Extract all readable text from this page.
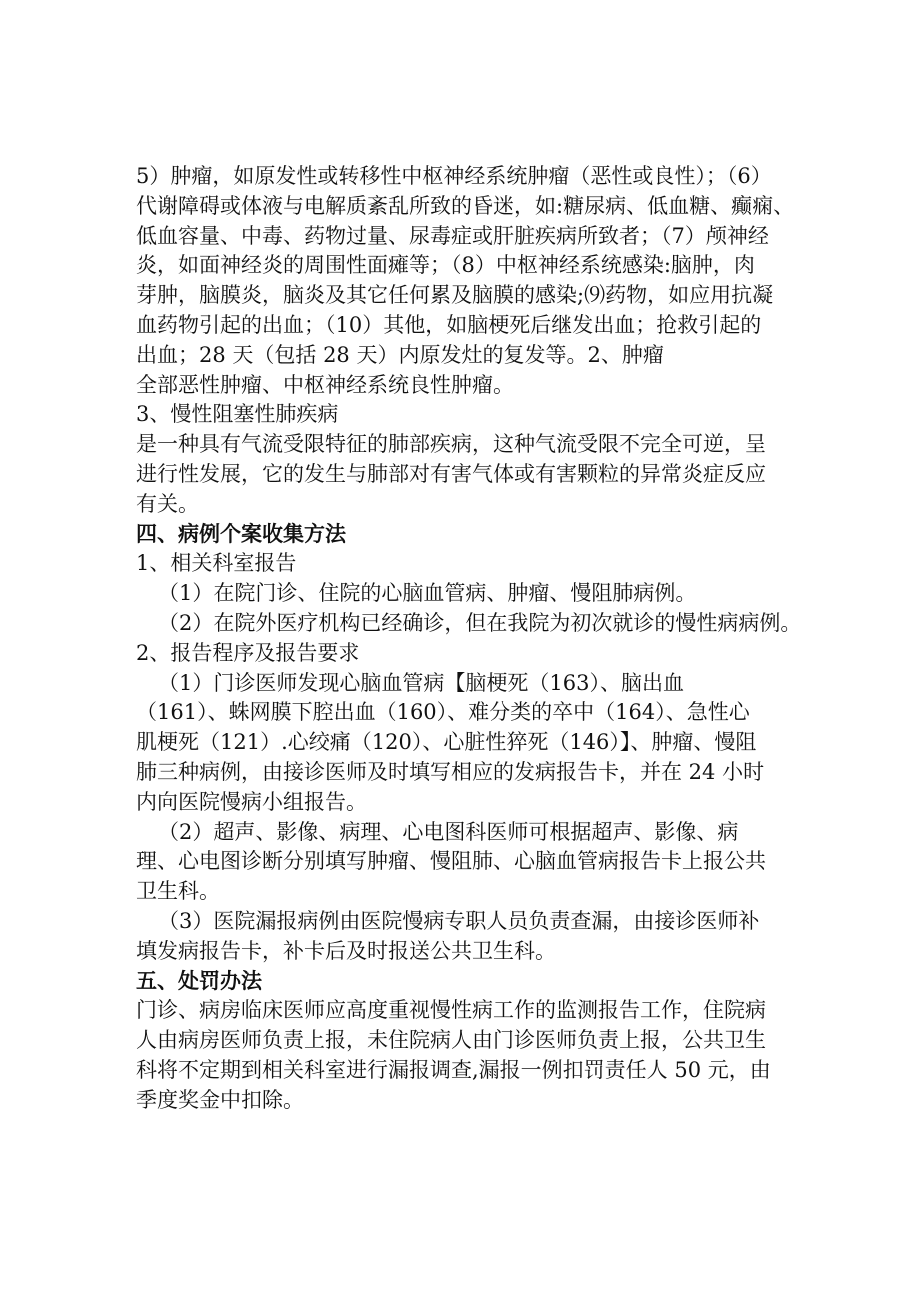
5）肿瘤，如原发性或转移性中枢神经系统肿瘤（恶性或良性）；（6）
代谢障碍或体液与电解质紊乱所致的昏迷，如:糖尿病、低血糖、癫痫、
低血容量、中毒、药物过量、尿毒症或肝脏疾病所致者；（7）颅神经
炎，如面神经炎的周围性面瘫等；（8）中枢神经系统感染:脑肿，肉
芽肿，脑膜炎，脑炎及其它任何累及脑膜的感染;⑼药物，如应用抗凝
血药物引起的出血；（10）其他，如脑梗死后继发出血；抢救引起的
出血；28 天（包括 28 天）内原发灶的复发等。2、肿瘤
全部恶性肿瘤、中枢神经系统良性肿瘤。
3、慢性阻塞性肺疾病
是一种具有气流受限特征的肺部疾病，这种气流受限不完全可逆，呈
进行性发展，它的发生与肺部对有害气体或有害颗粒的异常炎症反应
有关。
四、病例个案收集方法
1、相关科室报告
（1）在院门诊、住院的心脑血管病、肿瘤、慢阻肺病例。
（2）在院外医疗机构已经确诊，但在我院为初次就诊的慢性病病例。
2、报告程序及报告要求
（1）门诊医师发现心脑血管病【脑梗死（163）、脑出血
（161）、蛛网膜下腔出血（160）、难分类的卒中（164）、急性心
肌梗死（121）.心绞痛（120）、心脏性猝死（146）】、肿瘤、慢阻
肺三种病例，由接诊医师及时填写相应的发病报告卡，并在 24 小时
内向医院慢病小组报告。
（2）超声、影像、病理、心电图科医师可根据超声、影像、病
理、心电图诊断分别填写肿瘤、慢阻肺、心脑血管病报告卡上报公共
卫生科。
（3）医院漏报病例由医院慢病专职人员负责查漏，由接诊医师补
填发病报告卡，补卡后及时报送公共卫生科。
五、处罚办法
门诊、病房临床医师应高度重视慢性病工作的监测报告工作，住院病
人由病房医师负责上报，未住院病人由门诊医师负责上报，公共卫生
科将不定期到相关科室进行漏报调查,漏报一例扣罚责任人 50 元，由
季度奖金中扣除。
